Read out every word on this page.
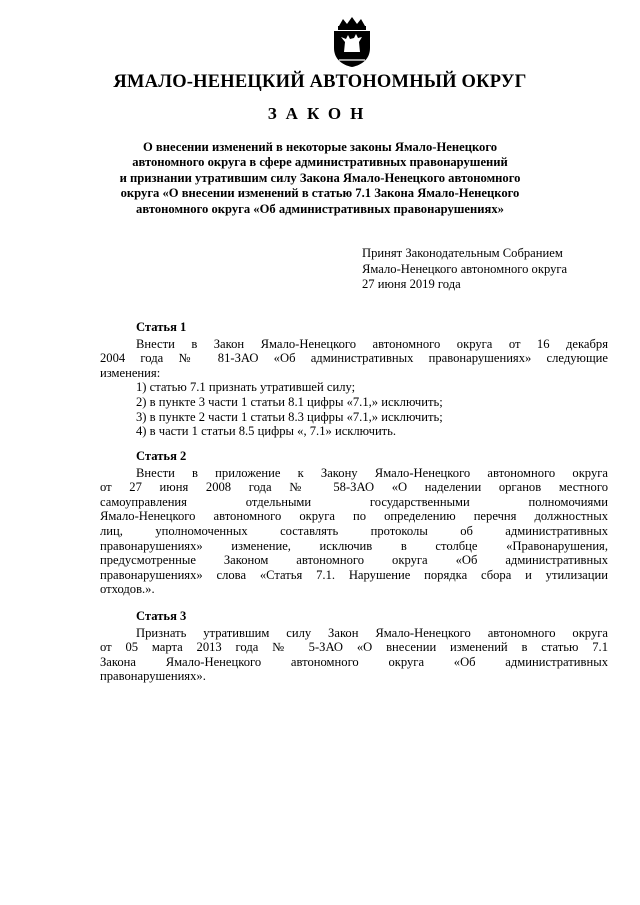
ЯМАЛО-НЕНЕЦКИЙ АВТОНОМНЫЙ ОКРУГ
ЗАКОН
О внесении изменений в некоторые законы Ямало-Ненецкого
автономного округа в сфере административных правонарушений
и признании утратившим силу Закона Ямало-Ненецкого автономного
округа «О внесении изменений в статью 7.1 Закона Ямало-Ненецкого
автономного округа «Об административных правонарушениях»
Принят Законодательным Собранием
Ямало-Ненецкого автономного округа
27 июня 2019 года
Статья 1
Внести в Закон Ямало-Ненецкого автономного округа от 16 декабря
2004 года № 81-ЗАО «Об административных правонарушениях» следующие
изменения:
1) статью 7.1 признать утратившей силу;
2) в пункте 3 части 1 статьи 8.1 цифры «7.1,» исключить;
3) в пункте 2 части 1 статьи 8.3 цифры «7.1,» исключить;
4) в части 1 статьи 8.5 цифры «, 7.1» исключить.
Статья 2
Внести в приложение к Закону Ямало-Ненецкого автономного округа
от 27 июня 2008 года № 58-ЗАО «О наделении органов местного
самоуправления отдельными государственными полномочиями
Ямало-Ненецкого автономного округа по определению перечня должностных
лиц, уполномоченных составлять протоколы об административных
правонарушениях» изменение, исключив в столбце «Правонарушения,
предусмотренные Законом автономного округа «Об административных
правонарушениях» слова «Статья 7.1. Нарушение порядка сбора и утилизации
отходов.».
Статья 3
Признать утратившим силу Закон Ямало-Ненецкого автономного округа
от 05 марта 2013 года № 5-ЗАО «О внесении изменений в статью 7.1
Закона Ямало-Ненецкого автономного округа «Об административных
правонарушениях».
